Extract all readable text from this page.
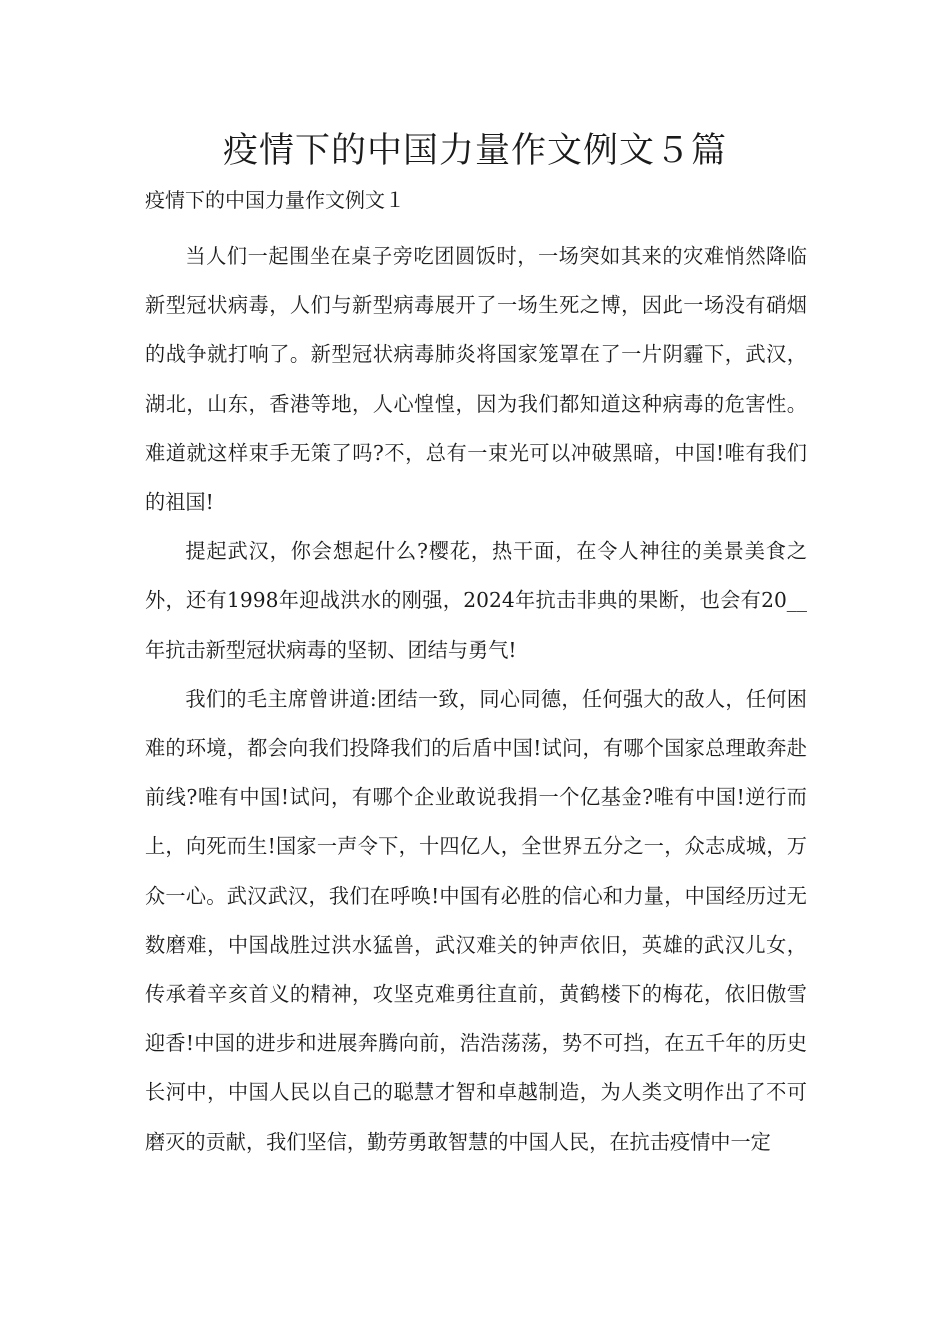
疫情下的中国力量作文例文５篇
疫情下的中国力量作文例文１

当人们一起围坐在桌子旁吃团圆饭时，一场突如其来的灾难悄然降临新型冠状病毒，人们与新型病毒展开了一场生死之博，因此一场没有硝烟的战争就打响了。新型冠状病毒肺炎将国家笼罩在了一片阴霾下，武汉，湖北，山东，香港等地，人心惶惶，因为我们都知道这种病毒的危害性。难道就这样束手无策了吗?不，总有一束光可以冲破黑暗，中国!唯有我们的祖国!

提起武汉，你会想起什么?樱花，热干面，在令人神往的美景美食之外，还有1998年迎战洪水的刚强，2024年抗击非典的果断，也会有20__年抗击新型冠状病毒的坚韧、团结与勇气!

我们的毛主席曾讲道:团结一致，同心同德，任何强大的敌人，任何困难的环境，都会向我们投降我们的后盾中国!试问，有哪个国家总理敢奔赴前线?唯有中国!试问，有哪个企业敢说我捐一个亿基金?唯有中国!逆行而上，向死而生!国家一声令下，十四亿人，全世界五分之一，众志成城，万众一心。武汉武汉，我们在呼唤!中国有必胜的信心和力量，中国经历过无数磨难，中国战胜过洪水猛兽，武汉难关的钟声依旧，英雄的武汉儿女，传承着辛亥首义的精神，攻坚克难勇往直前，黄鹤楼下的梅花，依旧傲雪迎香!中国的进步和进展奔腾向前，浩浩荡荡，势不可挡，在五千年的历史长河中，中国人民以自己的聪慧才智和卓越制造，为人类文明作出了不可磨灭的贡献，我们坚信，勤劳勇敢智慧的中国人民，在抗击疫情中一定
